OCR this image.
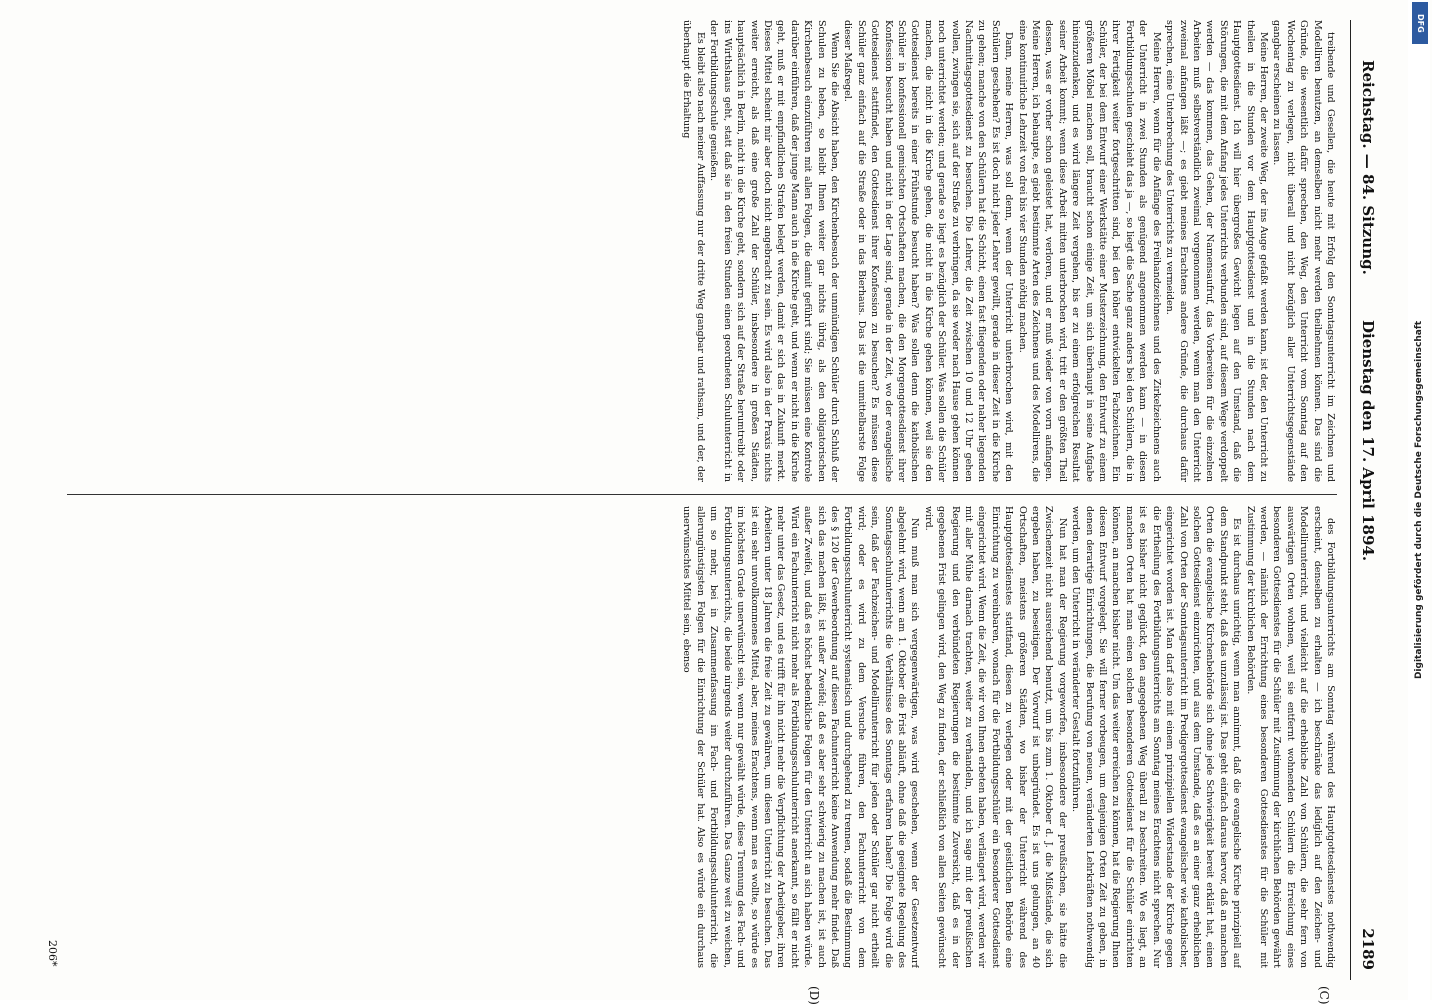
Reichstag. — 84. Sitzung.
Dienstag den 17. April 1894.
2189
(C)
(D)

treibende und Gesellen, die heute mit Erfolg den Sonntagsunterricht im Zeichnen und Modelliren benutzen, an demselben nicht mehr werden theilnehmen können. Das sind die Gründe, die wesentlich dafür sprechen, den Weg, den Unterricht vom Sonntag auf den Wochentag zu verlegen, nicht überall und nicht bezüglich aller Unterrichtsgegenstände gangbar erscheinen zu lassen.

Meine Herren, der zweite Weg, der ins Auge gefaßt werden kann, ist der, den Unterricht zu theilen in die Stunden vor dem Hauptgottesdienst und in die Stunden nach dem Hauptgottesdienst. Ich will hier übergroßes Gewicht legen auf den Umstand, daß die Störungen, die mit dem Anfang jedes Unterrichts verbunden sind, auf diesem Wege verdoppelt werden — das kommen, das Gehen, der Namensaufruf, das Vorbereiten für die einzelnen Arbeiten muß selbstverständlich zweimal vorgenommen werden, wenn man den Unterricht zweimal anfangen läßt —; es giebt meines Erachtens andere Gründe, die durchaus dafür sprechen, eine Unterbrechung des Unterrichts zu vermeiden.

Meine Herren, wenn für die Anfänge des Freihandzeichnens und des Zirkelzeichnens auch der Unterricht in zwei Stunden als genügend angenommen werden kann — in diesen Fortbildungsschulen geschieht das ja —, so liegt die Sache ganz anders bei den Schülern, die in ihrer Fertigkeit weiter fortgeschritten sind, bei den höher entwickelten Fachzeichnen. Ein Schüler, der bei dem Entwurf einer Werkstätte einer Musterzeichnung, den Entwurf zu einem größeren Möbel machen soll, braucht schon einige Zeit, um sich überhaupt in seine Aufgabe hineinzudenken, und es wird längere Zeit vergehen, bis er zu einem erfolgreichen Resultat seiner Arbeit kommt; wenn diese Arbeit mitten unterbrochen wird, tritt er den größten Theil dessen, was er vorher schon geleistet hat, verloren, und er muß wieder von vorn anfangen. Meine Herren, ich behaupte, es giebt bestimmte Arten des Zeichnens und des Modellirens, die eine kontinuirliche Lehrzeit von drei bis vier Stunden nöthig machen.

Dann, meine Herren, was soll denn, wenn der Unterricht unterbrochen wird, mit den Schülern geschehen? Es ist doch nicht jeder Lehrer gewillt, gerade in dieser Zeit in die Kirche zu gehen; manche von den Schülern hat die Schicht, einen fast fliegenden oder naher liegenden Nachmittagsgottesdienst zu besuchen. Die Lehrer, die Zeit zwischen 10 und 12 Uhr gehen wollen, zwingen sie, sich auf der Straße zu verbringen, da sie weder nach Hause gehen können noch unterrichtet werden; und gerade so liegt es bezüglich der Schüler. Was sollen die Schüler machen, die nicht in die Kirche gehen, die nicht in die Kirche gehen können, weil sie den Gottesdienst bereits in einer Frühstunde besucht haben? Was sollen denn die katholischen Schüler in konfessionell gemischten Ortschaften machen, die den Morgengottesdienst ihrer Konfession besucht haben und nicht in der Lage sind, gerade in der Zeit, wo der evangelische Gottesdienst stattfindet, den Gottesdienst ihrer Konfession zu besuchen? Es müssen diese Schüler ganz einfach auf die Straße oder in das Bierhaus. Das ist die unmittelbarste Folge dieser Maßregel.

Wenn Sie die Absicht haben, den Kirchenbesuch der unmündigen Schüler durch Schluß der Schulen zu heben, so bleibt Ihnen weiter gar nichts übrig, als den obligatorischen Kirchenbesuch einzuführen mit allen Folgen, die damit geführt sind; Sie müssen eine Kontrole darüber einführen, daß der junge Mann auch in die Kirche geht, und wenn er nicht in die Kirche geht, muß er mit empfindlichen Strafen belegt werden, damit er sich das in Zukunft merkt. Dieses Mittel scheint mir aber doch nicht angebracht zu sein. Es wird also in der Praxis nichts weiter erreicht, als daß eine große Zahl der Schüler, insbesondere in großen Städten, hauptsächlich in Berlin, nicht in die Kirche geht, sondern sich auf der Straße herumtreibt oder ins Wirthshaus geht, statt daß sie in den freien Stunden einen geordneten Schulunterricht in der Fortbildungsschule genießen.

Es bleibt also nach meiner Auffassung nur der dritte Weg gangbar und rathsam, und der, der überhaupt die Erhaltung

des Fortbildungsunterrichts am Sonntag während des Hauptgottesdienstes nothwendig erscheint, denselben zu erhalten — ich beschränke das lediglich auf den Zeichen- und Modellirunterricht, und vielleicht auf die erhebliche Zahl von Schülern, die sehr fern von auswärtigen Orten wohnen, weil sie entfernt wohnenden Schülern die Erreichung eines besonderen Gottesdienstes für die Schüler mit Zustimmung der kirchlichen Behörden gewährt werden, — nämlich der Errichtung eines besonderen Gottesdienstes für die Schüler mit Zustimmung der kirchlichen Behörden.

Es ist durchaus unrichtig, wenn man annimmt, daß die evangelische Kirche prinzipiell auf dem Standpunkt steht, daß das unzulässig ist. Das geht einfach daraus hervor, daß an manchen Orten die evangelische Kirchenbehörde sich ohne jede Schwierigkeit bereit erklärt hat, einen solchen Gottesdienst einzurichten, und aus dem Umstande, daß es an einer ganz erheblichen Zahl von Orten der Sonntagsunterricht im Predigergottesdienst evangelischer wie katholischer, eingerichtet worden ist. Man darf also mit einem prinzipiellen Widerstande der Kirche gegen die Ertheilung des Fortbildungsunterrichts am Sonntag meines Erachtens nicht sprechen. Nur ist es bisher nicht geglückt, den angegebenen Weg überall zu beschreiten. Wo es liegt, an manchen Orten hat man einen solchen besonderen Gottesdienst für die Schüler einrichten können, an manchen bisher nicht. Um das weiter erreichen zu können, hat die Regierung Ihnen diesen Entwurf vorgelegt. Sie will ferner vorbeugen, um denjenigen Orten Zeit zu geben, in denen derartige Einrichtungen, die Berufung von neuen, veränderten Lehrkräften nothwendig werden, um den Unterricht in veränderter Gestalt fortzuführen.

Nun hat man der Regierung vorgeworfen, insbesondere der preußischen, sie hätte die Zwischenzeit nicht ausreichend benutzt, um bis zum 1. Oktober d. J. die Mißstände, die sich ergeben haben, zu beseitigen. Der Vorwurf ist unbegründet. Es ist uns gelungen, an 40 Ortschaften, meistens größeren Städten, wo bisher der Unterricht während des Hauptgottesdienstes stattfand, diesen zu verlegen oder mit der geistlichen Behörde eine Einrichtung zu vereinbaren, wonach für die Fortbildungsschüler ein besonderer Gottesdienst eingerichtet wird. Wenn die Zeit, die wir von Ihnen erbeten haben, verlängert wird, werden wir mit aller Mühe darnach trachten, weiter zu verhandeln, und ich sage mit der preußischen Regierung und den verbündeten Regierungen die bestimmte Zuversicht, daß es in der gegebenen Frist gelingen wird, den Weg zu finden, der schließlich von allen Seiten gewünscht wird.

Nun muß man sich vergegenwärtigen, was wird geschehen, wenn der Gesetzentwurf abgelehnt wird, wenn am 1. Oktober die Frist abläuft, ohne daß die geeignete Regelung des Sonntagsschulunterrichts die Verhältnisse des Sonntags erfahren haben? Die Folge wird die sein, daß der Fachzeichen- und Modellirunterricht für jeden oder Schüler gar nicht ertheilt wird; oder es wird zu dem Versuche führen, den Fachunterricht von dem Fortbildungsschulunterricht systematisch und durchgehend zu trennen, sodaß die Bestimmung des § 120 der Gewerbeordnung auf diesen Fachunterricht keine Anwendung mehr findet. Daß sich das machen läßt, ist außer Zweifel; daß es aber sehr schwierig zu machen ist, ist auch außer Zweifel, und daß es höchst bedenkliche Folgen für den Unterricht an sich haben würde. Wird ein Fachunterricht nicht mehr als Fortbildungsschulunterricht anerkannt, so fällt er nicht mehr unter das Gesetz, und es trifft für ihn nicht mehr die Verpflichtung der Arbeitgeber, ihren Arbeitern unter 18 Jahren die freie Zeit zu gewähren, um diesen Unterricht zu besuchen. Das ist ein sehr unvollkommenes Mittel, aber, meines Erachtens, wenn man es wollte, so würde es im höchsten Grade unerwünscht sein, wenn nur gewählt würde, diese Trennung des Fach- und Fortbildungsunterrichts, die beide nirgends weiter durchzuführen. Das Ganze weit zu weichen, um so mehr, bei in Zusammenfassung im Fach- und Fortbildungsschulunterricht, die allerungünstigsten Folgen für die Einrichtung der Schüler hat. Also es würde ein durchaus unerwünschtes Mittel sein, ebenso

206*
DFG
Digitalisierung gefördert durch die Deutsche Forschungsgemeinschaft
